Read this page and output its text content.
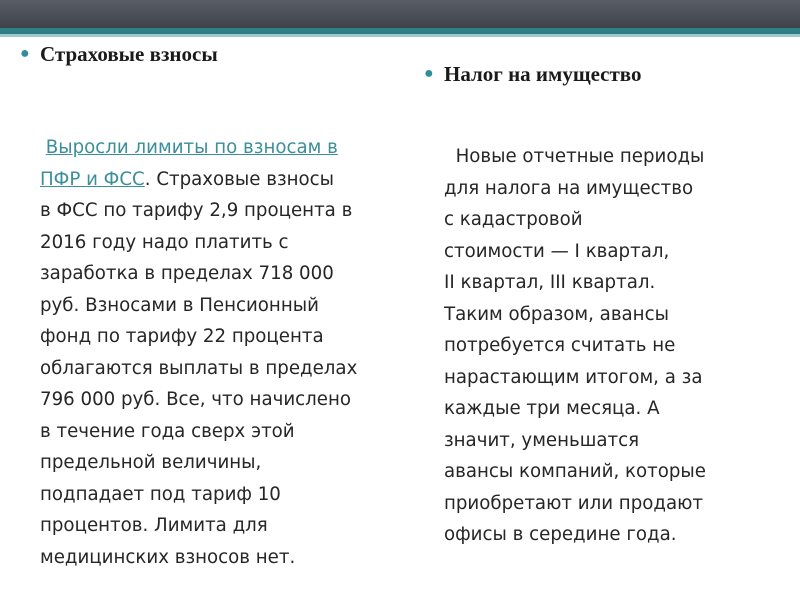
● Страховые взносы
Выросли лимиты по взносам в
ПФР и ФСС. Страховые взносы
в ФСС по тарифу 2,9 процента в
2016 году надо платить с
заработка в пределах 718 000
руб. Взносами в Пенсионный
фонд по тарифу 22 процента
облагаются выплаты в пределах
796 000 руб. Все, что начислено
в течение года сверх этой
предельной величины,
подпадает под тариф 10
процентов. Лимита для
медицинских взносов нет.
● Налог на имущество
Новые отчетные периоды
для налога на имущество
с кадастровой
стоимости — I квартал,
II квартал, III квартал.
Таким образом, авансы
потребуется считать не
нарастающим итогом, а за
каждые три месяца. А
значит, уменьшатся
авансы компаний, которые
приобретают или продают
офисы в середине года.
